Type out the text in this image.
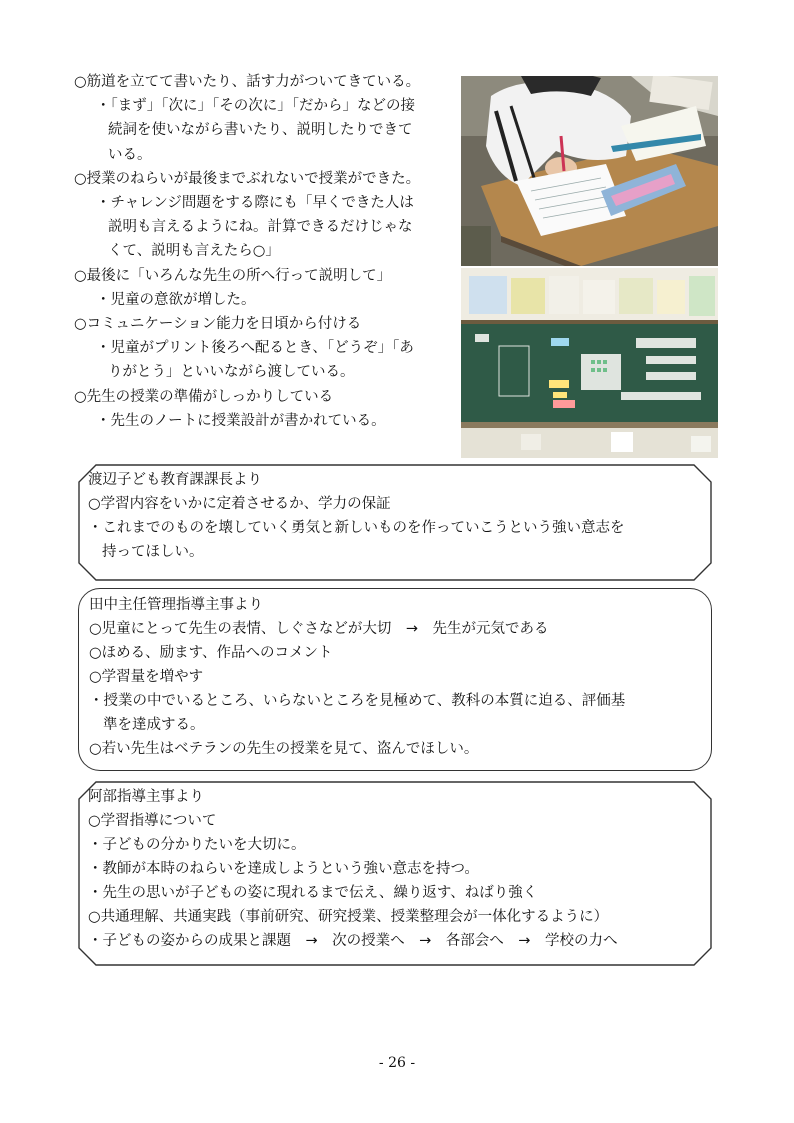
○筋道を立てて書いたり、話す力がついてきている。
・「まず」「次に」「その次に」「だから」などの接
続詞を使いながら書いたり、説明したりできて
いる。
○授業のねらいが最後までぶれないで授業ができた。
・チャレンジ問題をする際にも「早くできた人は
説明も言えるようにね。計算できるだけじゃな
くて、説明も言えたら○」
○最後に「いろんな先生の所へ行って説明して」
・児童の意欲が増した。
○コミュニケーション能力を日頃から付ける
・児童がプリント後ろへ配るとき、「どうぞ」「あ
りがとう」といいながら渡している。
○先生の授業の準備がしっかりしている
・先生のノートに授業設計が書かれている。
渡辺子ども教育課課長より
○学習内容をいかに定着させるか、学力の保証
・これまでのものを壊していく勇気と新しいものを作っていこうという強い意志を
持ってほしい。
田中主任管理指導主事より
○児童にとって先生の表情、しぐさなどが大切　→　先生が元気である
○ほめる、励ます、作品へのコメント
○学習量を増やす
・授業の中でいるところ、いらないところを見極めて、教科の本質に迫る、評価基
準を達成する。
○若い先生はベテランの先生の授業を見て、盗んでほしい。
阿部指導主事より
○学習指導について
・子どもの分かりたいを大切に。
・教師が本時のねらいを達成しようという強い意志を持つ。
・先生の思いが子どもの姿に現れるまで伝え、繰り返す、ねばり強く
○共通理解、共通実践（事前研究、研究授業、授業整理会が一体化するように）
・子どもの姿からの成果と課題　→　次の授業へ　→　各部会へ　→　学校の力へ
- 26 -
